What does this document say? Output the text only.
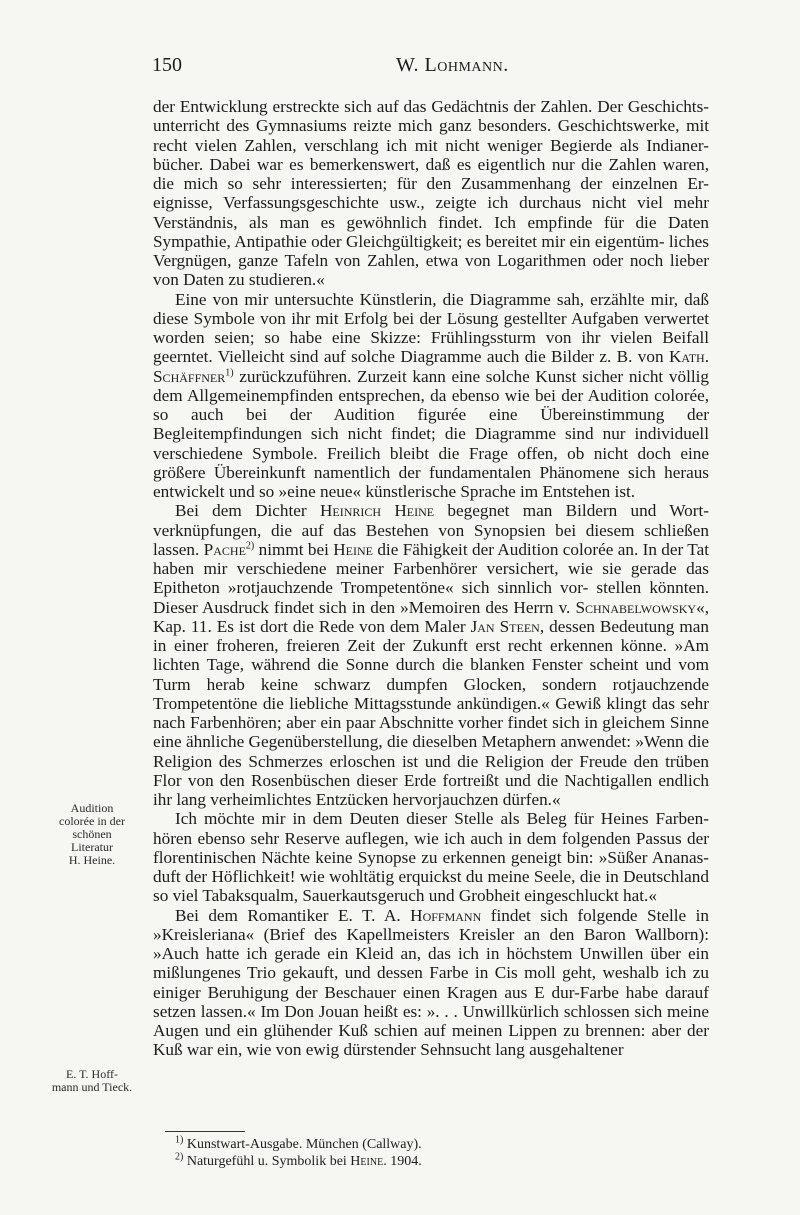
150	W. Lohmann.

der Entwicklung erstreckte sich auf das Gedächtnis der Zahlen. Der Geschichts- unterricht des Gymnasiums reizte mich ganz besonders. Geschichtswerke, mit recht vielen Zahlen, verschlang ich mit nicht weniger Begierde als Indianer- bücher. Dabei war es bemerkenswert, daß es eigentlich nur die Zahlen waren, die mich so sehr interessierten; für den Zusammenhang der einzelnen Er- eignisse, Verfassungsgeschichte usw., zeigte ich durchaus nicht viel mehr Verständnis, als man es gewöhnlich findet. Ich empfinde für die Daten Sympathie, Antipathie oder Gleichgültigkeit; es bereitet mir ein eigentüm- liches Vergnügen, ganze Tafeln von Zahlen, etwa von Logarithmen oder noch lieber von Daten zu studieren.«

Eine von mir untersuchte Künstlerin, die Diagramme sah, erzählte mir, daß diese Symbole von ihr mit Erfolg bei der Lösung gestellter Aufgaben verwertet worden seien; so habe eine Skizze: Frühlingssturm von ihr vielen Beifall geerntet. Vielleicht sind auf solche Diagramme auch die Bilder z. B. von Kath. Schäffner$^{1)}$ zurückzuführen. Zurzeit kann eine solche Kunst sicher nicht völlig dem Allgemeinempfinden entsprechen, da ebenso wie bei der Audition colorée, so auch bei der Audition figurée eine Übereinstimmung der Begleitempfindungen sich nicht findet; die Diagramme sind nur individuell verschiedene Symbole. Freilich bleibt die Frage offen, ob nicht doch eine größere Übereinkunft namentlich der fundamentalen Phänomene sich heraus entwickelt und so »eine neue« künstlerische Sprache im Entstehen ist.

Bei dem Dichter Heinrich Heine begegnet man Bildern und Wort- verknüpfungen, die auf das Bestehen von Synopsien bei diesem schließen lassen. Pache$^{2)}$ nimmt bei Heine die Fähigkeit der Audition colorée an. In der Tat haben mir verschiedene meiner Farbenhörer versichert, wie sie gerade das Epitheton »rotjauchzende Trompetentöne« sich sinnlich vor- stellen könnten. Dieser Ausdruck findet sich in den »Memoiren des Herrn v. Schnabelwowsky«, Kap. 11. Es ist dort die Rede von dem Maler Jan Steen, dessen Bedeutung man in einer froheren, freieren Zeit der Zukunft erst recht erkennen könne. »Am lichten Tage, während die Sonne durch die blanken Fenster scheint und vom Turm herab keine schwarz dumpfen Glocken, sondern rotjauchzende Trompetentöne die liebliche Mittagsstunde ankündigen.« Gewiß klingt das sehr nach Farbenhören; aber ein paar Abschnitte vorher findet sich in gleichem Sinne eine ähnliche Gegenüberstellung, die dieselben Metaphern anwendet: »Wenn die Religion des Schmerzes erloschen ist und die Religion der Freude den trüben Flor von den Rosenbüschen dieser Erde fortreißt und die Nachtigallen endlich ihr lang verheimlichtes Entzücken hervorjauchzen dürfen.«

Ich möchte mir in dem Deuten dieser Stelle als Beleg für Heines Farben- hören ebenso sehr Reserve auflegen, wie ich auch in dem folgenden Passus der florentinischen Nächte keine Synopse zu erkennen geneigt bin: »Süßer Ananas- duft der Höflichkeit! wie wohltätig erquickst du meine Seele, die in Deutschland so viel Tabaksqualm, Sauerkautsgeruch und Grobheit eingeschluckt hat.«

Bei dem Romantiker E. T. A. Hoffmann findet sich folgende Stelle in »Kreisleriana« (Brief des Kapellmeisters Kreisler an den Baron Wallborn): »Auch hatte ich gerade ein Kleid an, das ich in höchstem Unwillen über ein mißlungenes Trio gekauft, und dessen Farbe in Cis moll geht, weshalb ich zu einiger Beruhigung der Beschauer einen Kragen aus E dur-Farbe habe darauf setzen lassen.« Im Don Jouan heißt es: ». . . Unwillkürlich schlossen sich meine Augen und ein glühender Kuß schien auf meinen Lippen zu brennen: aber der Kuß war ein, wie von ewig dürstender Sehnsucht lang ausgehaltener

Audition
colorée in der
schönen
Literatur
H. Heine.
E. T. Hoff-
mann und Tieck.
$^{1)}$ Kunstwart-Ausgabe. München (Callway).
$^{2)}$ Naturgefühl u. Symbolik bei Heine. 1904.
